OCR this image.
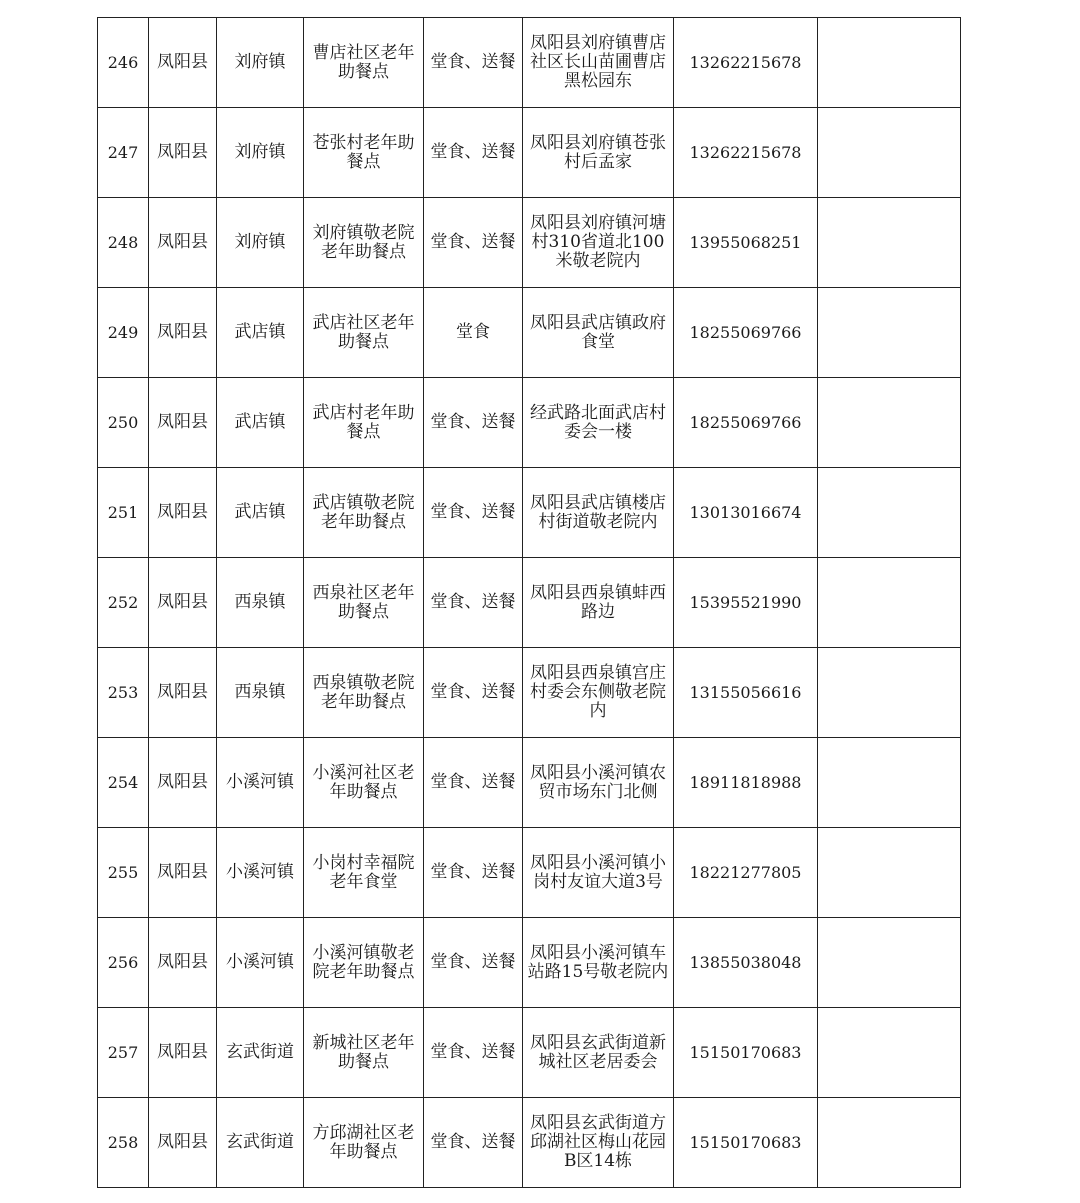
246	凤阳县	刘府镇	曹店社区老年助餐点	堂食、送餐	凤阳县刘府镇曹店社区长山苗圃曹店黑松园东	13262215678	
247	凤阳县	刘府镇	苍张村老年助餐点	堂食、送餐	凤阳县刘府镇苍张村后孟家	13262215678	
248	凤阳县	刘府镇	刘府镇敬老院老年助餐点	堂食、送餐	凤阳县刘府镇河塘村310省道北100米敬老院内	13955068251	
249	凤阳县	武店镇	武店社区老年助餐点	堂食	凤阳县武店镇政府食堂	18255069766	
250	凤阳县	武店镇	武店村老年助餐点	堂食、送餐	经武路北面武店村委会一楼	18255069766	
251	凤阳县	武店镇	武店镇敬老院老年助餐点	堂食、送餐	凤阳县武店镇楼店村街道敬老院内	13013016674	
252	凤阳县	西泉镇	西泉社区老年助餐点	堂食、送餐	凤阳县西泉镇蚌西路边	15395521990	
253	凤阳县	西泉镇	西泉镇敬老院老年助餐点	堂食、送餐	凤阳县西泉镇宫庄村委会东侧敬老院内	13155056616	
254	凤阳县	小溪河镇	小溪河社区老年助餐点	堂食、送餐	凤阳县小溪河镇农贸市场东门北侧	18911818988	
255	凤阳县	小溪河镇	小岗村幸福院老年食堂	堂食、送餐	凤阳县小溪河镇小岗村友谊大道3号	18221277805	
256	凤阳县	小溪河镇	小溪河镇敬老院老年助餐点	堂食、送餐	凤阳县小溪河镇车站路15号敬老院内	13855038048	
257	凤阳县	玄武街道	新城社区老年助餐点	堂食、送餐	凤阳县玄武街道新城社区老居委会	15150170683	
258	凤阳县	玄武街道	方邱湖社区老年助餐点	堂食、送餐	凤阳县玄武街道方邱湖社区梅山花园B区14栋	15150170683	
